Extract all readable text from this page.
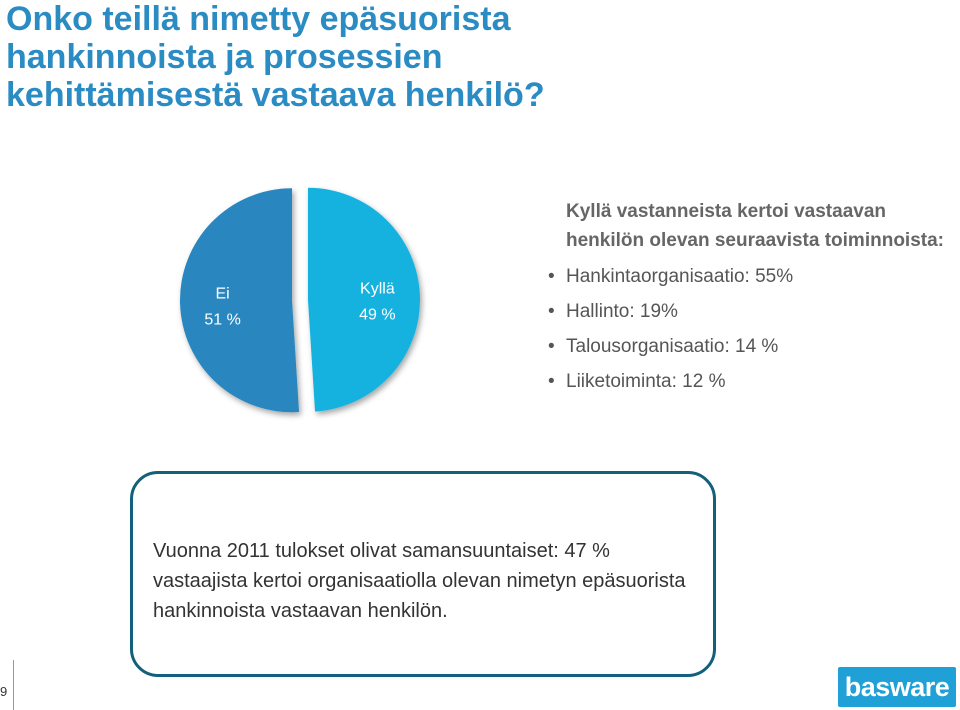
Onko teillä nimetty epäsuorista hankinnoista ja prosessien kehittämisestä vastaava henkilö?
Ei
51 %
Kyllä
49 %

Kyllä vastanneista kertoi vastaavan henkilön olevan seuraavista toiminnoista:

• Hankintaorganisaatio: 55%
• Hallinto: 19%
• Talousorganisaatio: 14 %
• Liiketoiminta: 12 %

Vuonna 2011 tulokset olivat samansuuntaiset: 47 % vastaajista kertoi organisaatiolla olevan nimetyn epäsuorista hankinnoista vastaavan henkilön.

9	basware
